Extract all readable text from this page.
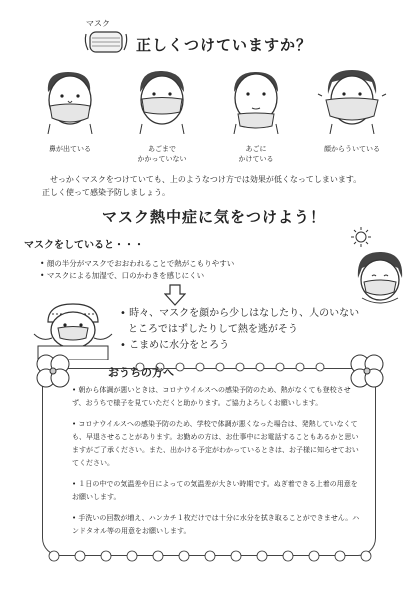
マスク
正しくつけていますか？
鼻が出ている	あごまで
かかっていない
あごに
かけている
顔からういている
せっかくマスクをつけていても、上のようなつけ方では効果が低くなってしまいます。
正しく使って感染予防しましょう。
マスク熱中症に気をつけよう！
マスクをしていると・・・
• 顔の半分がマスクでおおわれることで熱がこもりやすい
• マスクによる加湿で、口のかわきを感じにくい
• 時々、マスクを顔から少しはなしたり、人のいない
ところではずしたりして熱を逃がそう
• こまめに水分をとろう
おうちの方へ
• 朝から体調が悪いときは、コロナウイルスへの感染予防のため、熱がなくても登校させず、おうちで様子を見ていただくと助かります。ご協力よろしくお願いします。
• コロナウイルスへの感染予防のため、学校で体調が悪くなった場合は、発熱していなくても、早退させることがあります。お勤めの方は、お仕事中にお電話することもあるかと思いますがご了承ください。また、出かける予定がわかっているときは、お子様に知らせておいてください。
• １日の中での気温差や日によっての気温差が大きい時期です。ぬぎ着できる上着の用意をお願いします。
• 手洗いの回数が増え、ハンカチ１枚だけでは十分に水分を拭き取ることができません。ハンドタオル等の用意をお願いします。
